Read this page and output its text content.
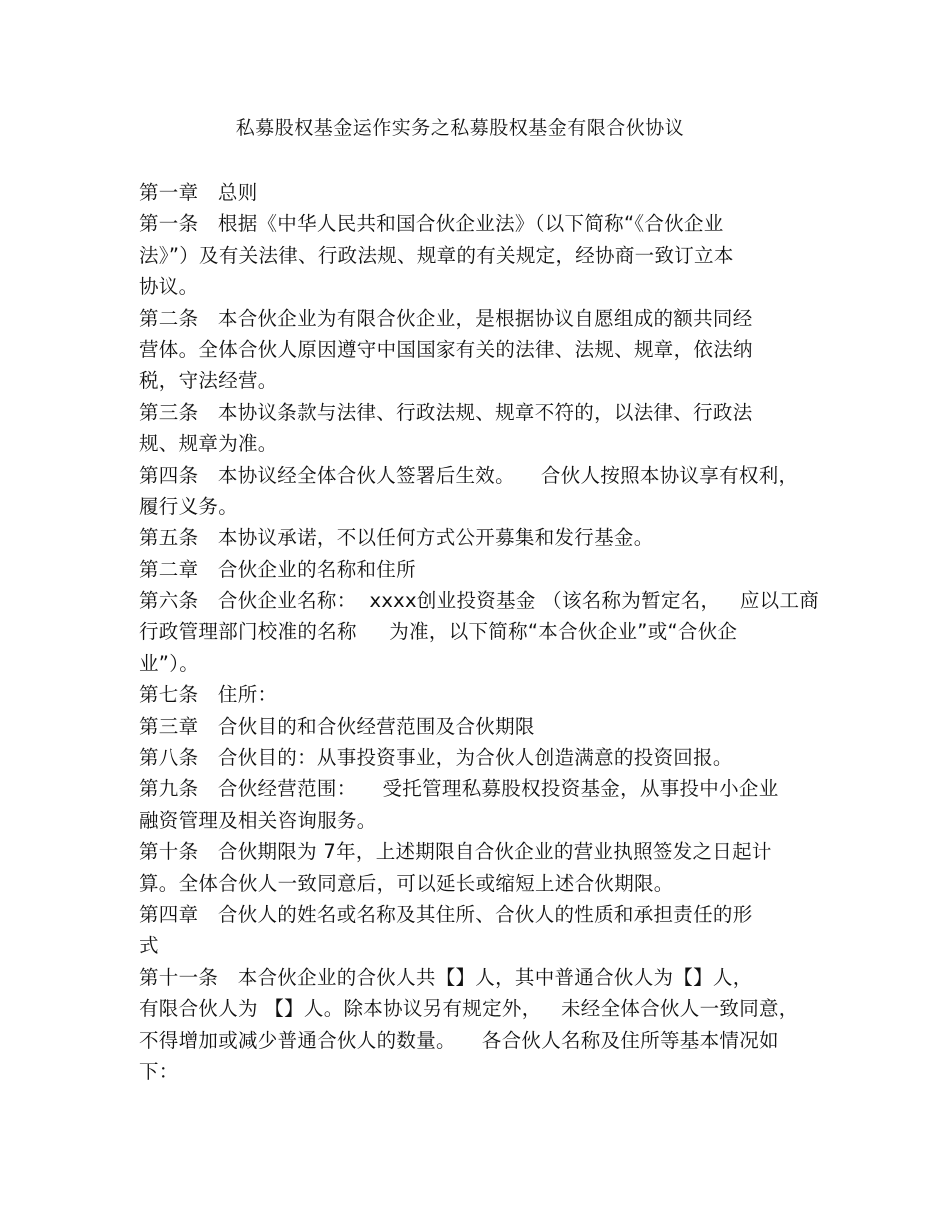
私募股权基金运作实务之私募股权基金有限合伙协议
第一章   总则
第一条   根据《中华人民共和国合伙企业法》（以下简称“《合伙企业
法》”）及有关法律、行政法规、规章的有关规定，经协商一致订立本
协议。
第二条   本合伙企业为有限合伙企业，是根据协议自愿组成的额共同经
营体。全体合伙人原因遵守中国国家有关的法律、法规、规章，依法纳
税，守法经营。
第三条   本协议条款与法律、行政法规、规章不符的，以法律、行政法
规、规章为准。
第四条   本协议经全体合伙人签署后生效。    合伙人按照本协议享有权利，
履行义务。
第五条   本协议承诺，不以任何方式公开募集和发行基金。
第二章   合伙企业的名称和住所
第六条   合伙企业名称：  xxxx创业投资基金 （该名称为暂定名，   应以工商
行政管理部门校准的名称     为准，以下简称“本合伙企业”或“合伙企
业”）。
第七条   住所：
第三章   合伙目的和合伙经营范围及合伙期限
第八条   合伙目的：从事投资事业，为合伙人创造满意的投资回报。
第九条   合伙经营范围：    受托管理私募股权投资基金，从事投中小企业
融资管理及相关咨询服务。
第十条   合伙期限为 7年，上述期限自合伙企业的营业执照签发之日起计
算。全体合伙人一致同意后，可以延长或缩短上述合伙期限。
第四章   合伙人的姓名或名称及其住所、合伙人的性质和承担责任的形
式
第十一条   本合伙企业的合伙人共【】人，其中普通合伙人为【】人，
有限合伙人为 【】人。除本协议另有规定外，   未经全体合伙人一致同意，
不得增加或减少普通合伙人的数量。    各合伙人名称及住所等基本情况如
下：
